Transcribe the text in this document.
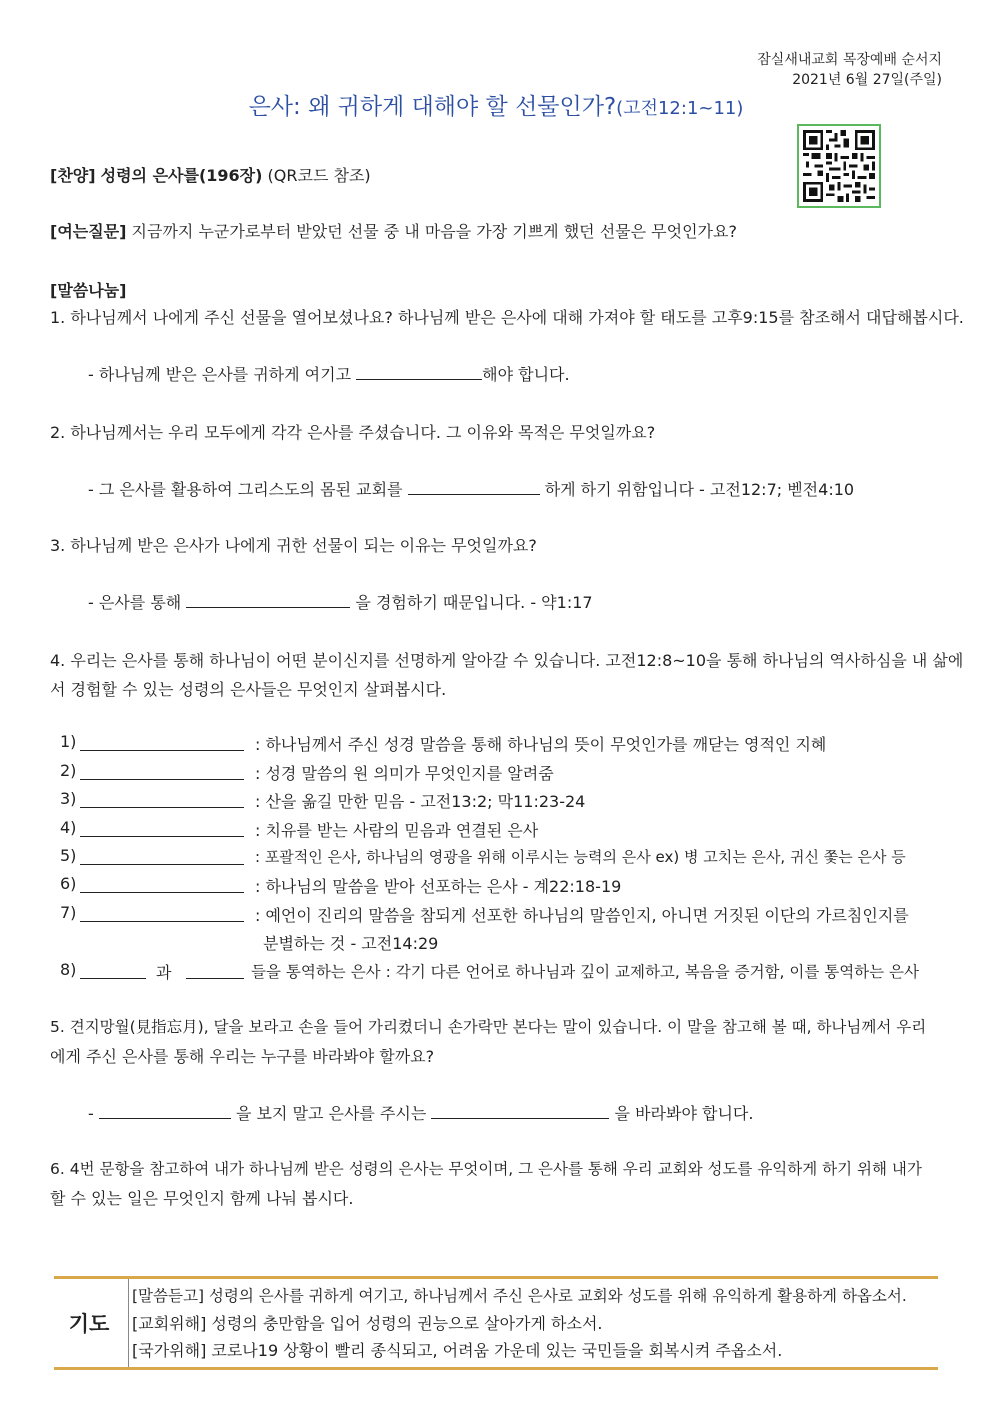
잠실새내교회 목장예배 순서지
2021년 6월 27일(주일)
은사: 왜 귀하게 대해야 할 선물인가?(고전12:1~11)
[찬양] 성령의 은사를(196장) (QR코드 참조)
[여는질문] 지금까지 누군가로부터 받았던 선물 중 내 마음을 가장 기쁘게 했던 선물은 무엇인가요?
[말씀나눔]
1. 하나님께서 나에게 주신 선물을 열어보셨나요? 하나님께 받은 은사에 대해 가져야 할 태도를 고후9:15를 참조해서 대답해봅시다.
- 하나님께 받은 은사를 귀하게 여기고	해야 합니다.
2. 하나님께서는 우리 모두에게 각각 은사를 주셨습니다. 그 이유와 목적은 무엇일까요?
- 그 은사를 활용하여 그리스도의 몸된 교회를	하게 하기 위함입니다 - 고전12:7; 벧전4:10
3. 하나님께 받은 은사가 나에게 귀한 선물이 되는 이유는 무엇일까요?
- 은사를 통해	을 경험하기 때문입니다. - 약1:17
4. 우리는 은사를 통해 하나님이 어떤 분이신지를 선명하게 알아갈 수 있습니다. 고전12:8~10을 통해 하나님의 역사하심을 내 삶에
서 경험할 수 있는 성령의 은사들은 무엇인지 살펴봅시다.
1)	: 하나님께서 주신 성경 말씀을 통해 하나님의 뜻이 무엇인가를 깨닫는 영적인 지혜
2)	: 성경 말씀의 원 의미가 무엇인지를 알려줌
3)	: 산을 옮길 만한 믿음 - 고전13:2; 막11:23-24
4)	: 치유를 받는 사람의 믿음과 연결된 은사
5)	: 포괄적인 은사, 하나님의 영광을 위해 이루시는 능력의 은사 ex) 병 고치는 은사, 귀신 쫓는 은사 등
6)	: 하나님의 말씀을 받아 선포하는 은사 - 계22:18-19
7)	: 예언이 진리의 말씀을 참되게 선포한 하나님의 말씀인지, 아니면 거짓된 이단의 가르침인지를
분별하는 것 - 고전14:29
8)	과	들을 통역하는 은사 : 각기 다른 언어로 하나님과 깊이 교제하고, 복음을 증거함, 이를 통역하는 은사
5. 견지망월(見指忘月), 달을 보라고 손을 들어 가리켰더니 손가락만 본다는 말이 있습니다. 이 말을 참고해 볼 때, 하나님께서 우리
에게 주신 은사를 통해 우리는 누구를 바라봐야 할까요?
-	을 보지 말고 은사를 주시는	을 바라봐야 합니다.
6. 4번 문항을 참고하여 내가 하나님께 받은 성령의 은사는 무엇이며, 그 은사를 통해 우리 교회와 성도를 유익하게 하기 위해 내가
할 수 있는 일은 무엇인지 함께 나눠 봅시다.
기도
[말씀듣고] 성령의 은사를 귀하게 여기고, 하나님께서 주신 은사로 교회와 성도를 위해 유익하게 활용하게 하옵소서.
[교회위해] 성령의 충만함을 입어 성령의 권능으로 살아가게 하소서.
[국가위해] 코로나19 상황이 빨리 종식되고, 어려움 가운데 있는 국민들을 회복시켜 주옵소서.
